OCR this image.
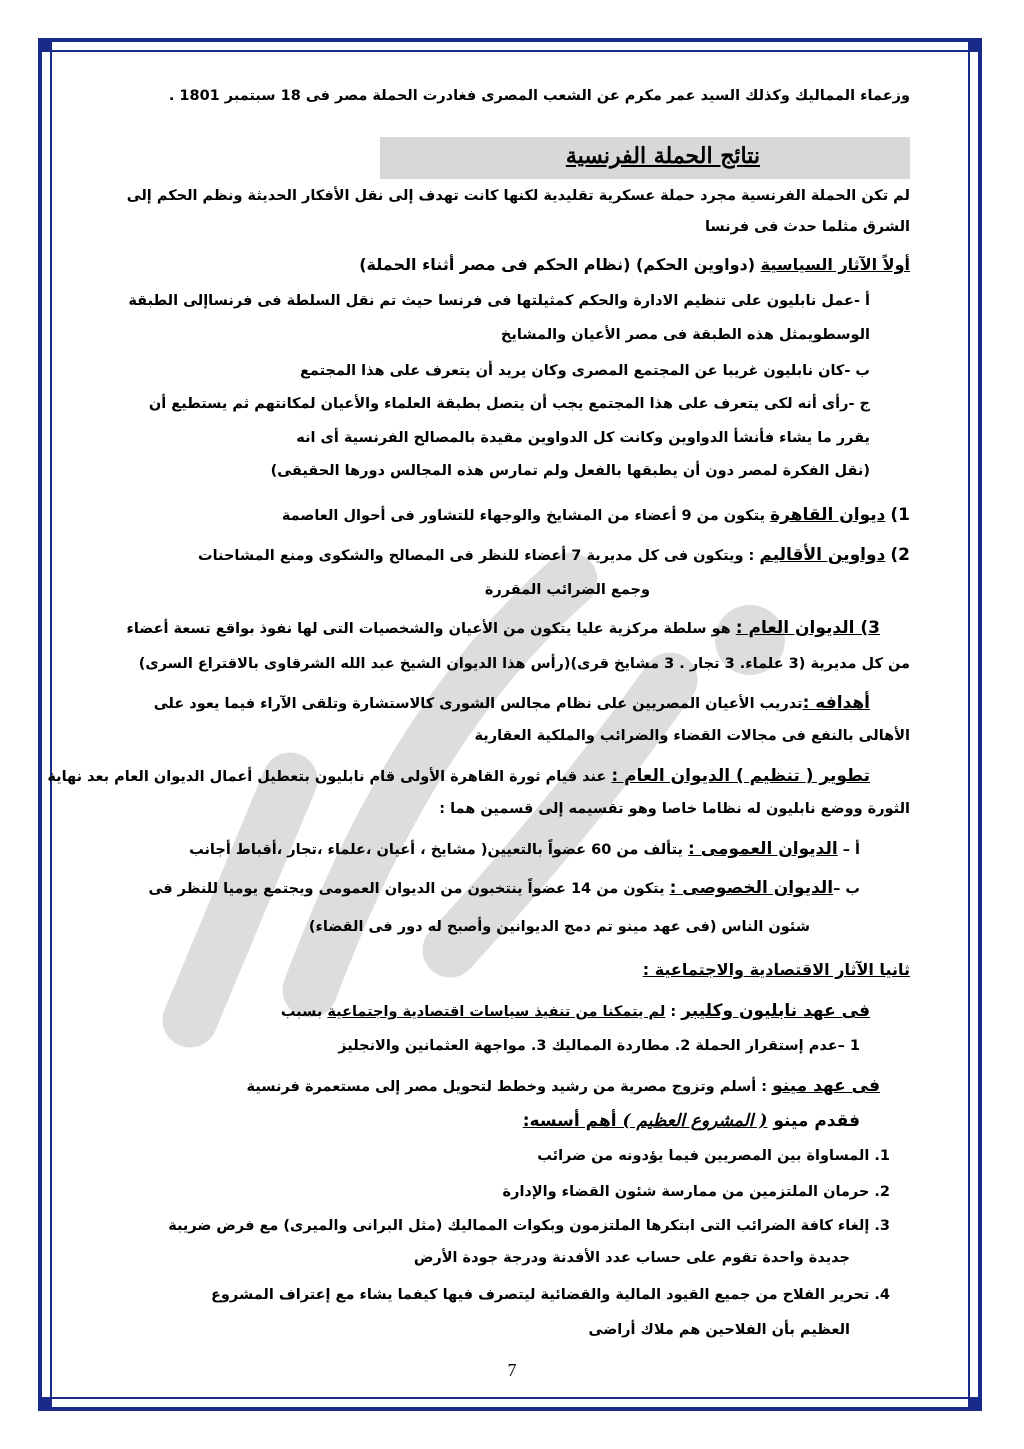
وزعماء المماليك وكذلك السيد عمر مكرم عن الشعب المصرى فغادرت الحملة مصر فى 18 سبتمبر 1801 .
نتائج الحملة الفرنسية
لم تكن الحملة الفرنسية مجرد حملة عسكرية تقليدية لكنها كانت تهدف إلى نقل الأفكار الحديثة ونظم الحكم إلى
الشرق مثلما حدث فى فرنسا
أولاً الآثار السياسية (دواوين الحكم) (نظام الحكم فى مصر أثناء الحملة)
أ -عمل نابليون على تنظيم الادارة والحكم كمثيلتها فى فرنسا حيث تم نقل السلطة فى فرنساإلى الطبقة
الوسطويمثل هذه الطبقة فى مصر الأعيان والمشايخ
ب -كان نابليون غريبا عن المجتمع المصرى وكان يريد أن يتعرف على هذا المجتمع
ج -رأى أنه لكى يتعرف على هذا المجتمع يجب أن يتصل بطبقة العلماء والأعيان لمكانتهم ثم يستطيع أن
يقرر ما يشاء فأنشأ الدواوين وكانت كل الدواوين مقيدة بالمصالح الفرنسية أى انه
(نقل الفكرة لمصر دون أن يطبقها بالفعل ولم تمارس هذه المجالس دورها الحقيقى)
1) ديوان القاهرة يتكون من 9 أعضاء من المشايخ والوجهاء للتشاور فى أحوال العاصمة
2) دواوين الأقاليم : ويتكون فى كل مديرية 7 أعضاء للنظر فى المصالح والشكوى ومنع المشاحنات
وجمع الضرائب المقررة
3) الديوان العام : هو سلطة مركزية عليا يتكون من الأعيان والشخصيات التى لها نفوذ بواقع تسعة أعضاء
من كل مديرية (3 علماء. 3 تجار . 3 مشايخ قرى)(رأس هذا الديوان الشيخ عبد الله الشرقاوى بالاقتراع السرى)
أهدافه :تدريب الأعيان المصريين على نظام مجالس الشورى كالاستشارة وتلقى الآراء فيما يعود على
الأهالى بالنفع فى مجالات القضاء والضرائب والملكية العقارية
تطوير ( تنظيم ) الديوان العام : عند قيام ثورة القاهرة الأولى قام نابليون بتعطيل أعمال الديوان العام بعد نهاية
الثورة ووضع نابليون له نظاما خاصا وهو تقسيمه إلى قسمين هما :
أ – الديوان العمومى : يتألف من 60 عضواً بالتعيين( مشايخ ، أعيان ،علماء ،تجار ،أقباط أجانب
ب –الديوان الخصوصى : يتكون من 14 عضواً ينتخبون من الديوان العمومى ويجتمع يوميا للنظر فى
شئون الناس (فى عهد مينو تم دمج الديوانين وأصبح له دور فى القضاء)
ثانيا الآثار الاقتصادية والاجتماعية :
فى عهد نابليون وكليبر : لم يتمكنا من تنفيذ سياسات اقتصادية واجتماعية بسبب
1 –عدم إستقرار الحملة 2. مطاردة المماليك 3. مواجهة العثمانين والانجليز
فى عهد مينو : أسلم وتزوج مصرية من رشيد وخطط لتحويل مصر إلى مستعمرة فرنسية
فقدم مينو ( المشروع العظيم ) أهم أسسه:
1. المساواة بين المصريين فيما يؤدونه من ضرائب
2. حرمان الملتزمين من ممارسة شئون القضاء والإدارة
3. إلغاء كافة الضرائب التى ابتكرها الملتزمون وبكوات المماليك (مثل البرانى والميرى) مع فرض ضريبة
جديدة واحدة تقوم على حساب عدد الأفدنة ودرجة جودة الأرض
4. تحرير الفلاح من جميع القيود المالية والقضائية ليتصرف فيها كيفما يشاء مع إعتراف المشروع
العظيم بأن الفلاحين هم ملاك أراضى
7
